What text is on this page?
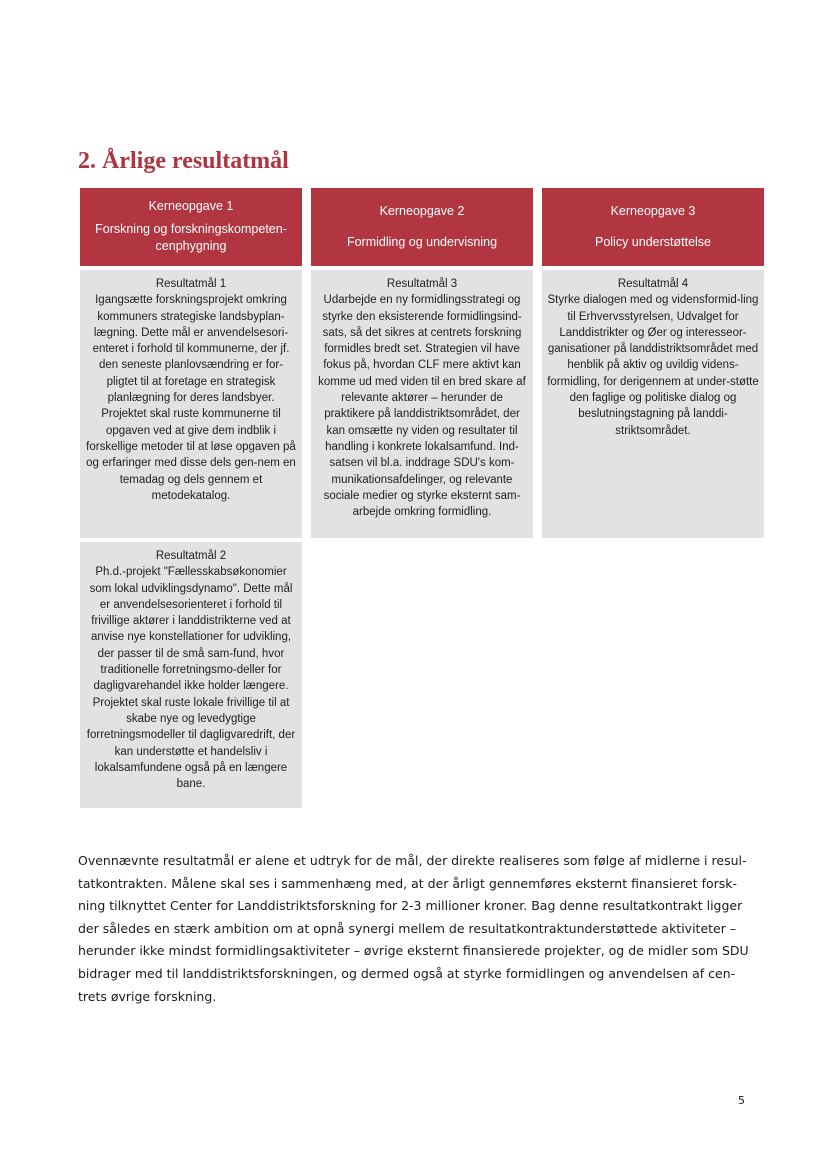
2. Årlige resultatmål
Kerneopgave 1
Forskning og forskningskompeten-cenphygning
Kerneopgave 2
Formidling og undervisning
Kerneopgave 3
Policy understøttelse
Resultatmål 1
Igangsætte forskningsprojekt omkring kommuners strategiske landsbyplan-lægning. Dette mål er anvendelsesori-enteret i forhold til kommunerne, der jf. den seneste planlovsændring er for-pligtet til at foretage en strategisk planlægning for deres landsbyer. Projektet skal ruste kommunerne til opgaven ved at give dem indblik i forskellige metoder til at løse opgaven på og erfaringer med disse dels gen-nem en temadag og dels gennem et metodekatalog.
Resultatmål 3
Udarbejde en ny formidlingsstrategi og styrke den eksisterende formidlingsind-sats, så det sikres at centrets forskning formidles bredt set. Strategien vil have fokus på, hvordan CLF mere aktivt kan komme ud med viden til en bred skare af relevante aktører – herunder de praktikere på landdistriktsområdet, der kan omsætte ny viden og resultater til handling i konkrete lokalsamfund. Ind-satsen vil bl.a. inddrage SDU's kom-munikationsafdelinger, og relevante sociale medier og styrke eksternt sam-arbejde omkring formidling.
Resultatmål 4
Styrke dialogen med og vidensformid-ling til Erhvervsstyrelsen, Udvalget for Landdistrikter og Øer og interesseor-ganisationer på landdistriktsområdet med henblik på aktiv og uvildig videns-formidling, for derigennem at under-støtte den faglige og politiske dialog og beslutningstagning på landdi-striktsområdet.
Resultatmål 2
Ph.d.-projekt "Fællesskabsøkonomier som lokal udviklingsdynamo". Dette mål er anvendelsesorienteret i forhold til frivillige aktører i landdistrikterne ved at anvise nye konstellationer for udvikling, der passer til de små sam-fund, hvor traditionelle forretningsmo-deller for dagligvarehandel ikke holder længere. Projektet skal ruste lokale frivillige til at skabe nye og levedygtige forretningsmodeller til dagligvaredrift, der kan understøtte et handelsliv i lokalsamfundene også på en længere bane.

Ovennævnte resultatmål er alene et udtryk for de mål, der direkte realiseres som følge af midlerne i resul-tatkontrakten. Målene skal ses i sammenhæng med, at der årligt gennemføres eksternt finansieret forsk-ning tilknyttet Center for Landdistriktsforskning for 2-3 millioner kroner. Bag denne resultatkontrakt ligger der således en stærk ambition om at opnå synergi mellem de resultatkontraktunderstøttede aktiviteter – herunder ikke mindst formidlingsaktiviteter – øvrige eksternt finansierede projekter, og de midler som SDU bidrager med til landdistriktsforskningen, og dermed også at styrke formidlingen og anvendelsen af cen-trets øvrige forskning.

5
